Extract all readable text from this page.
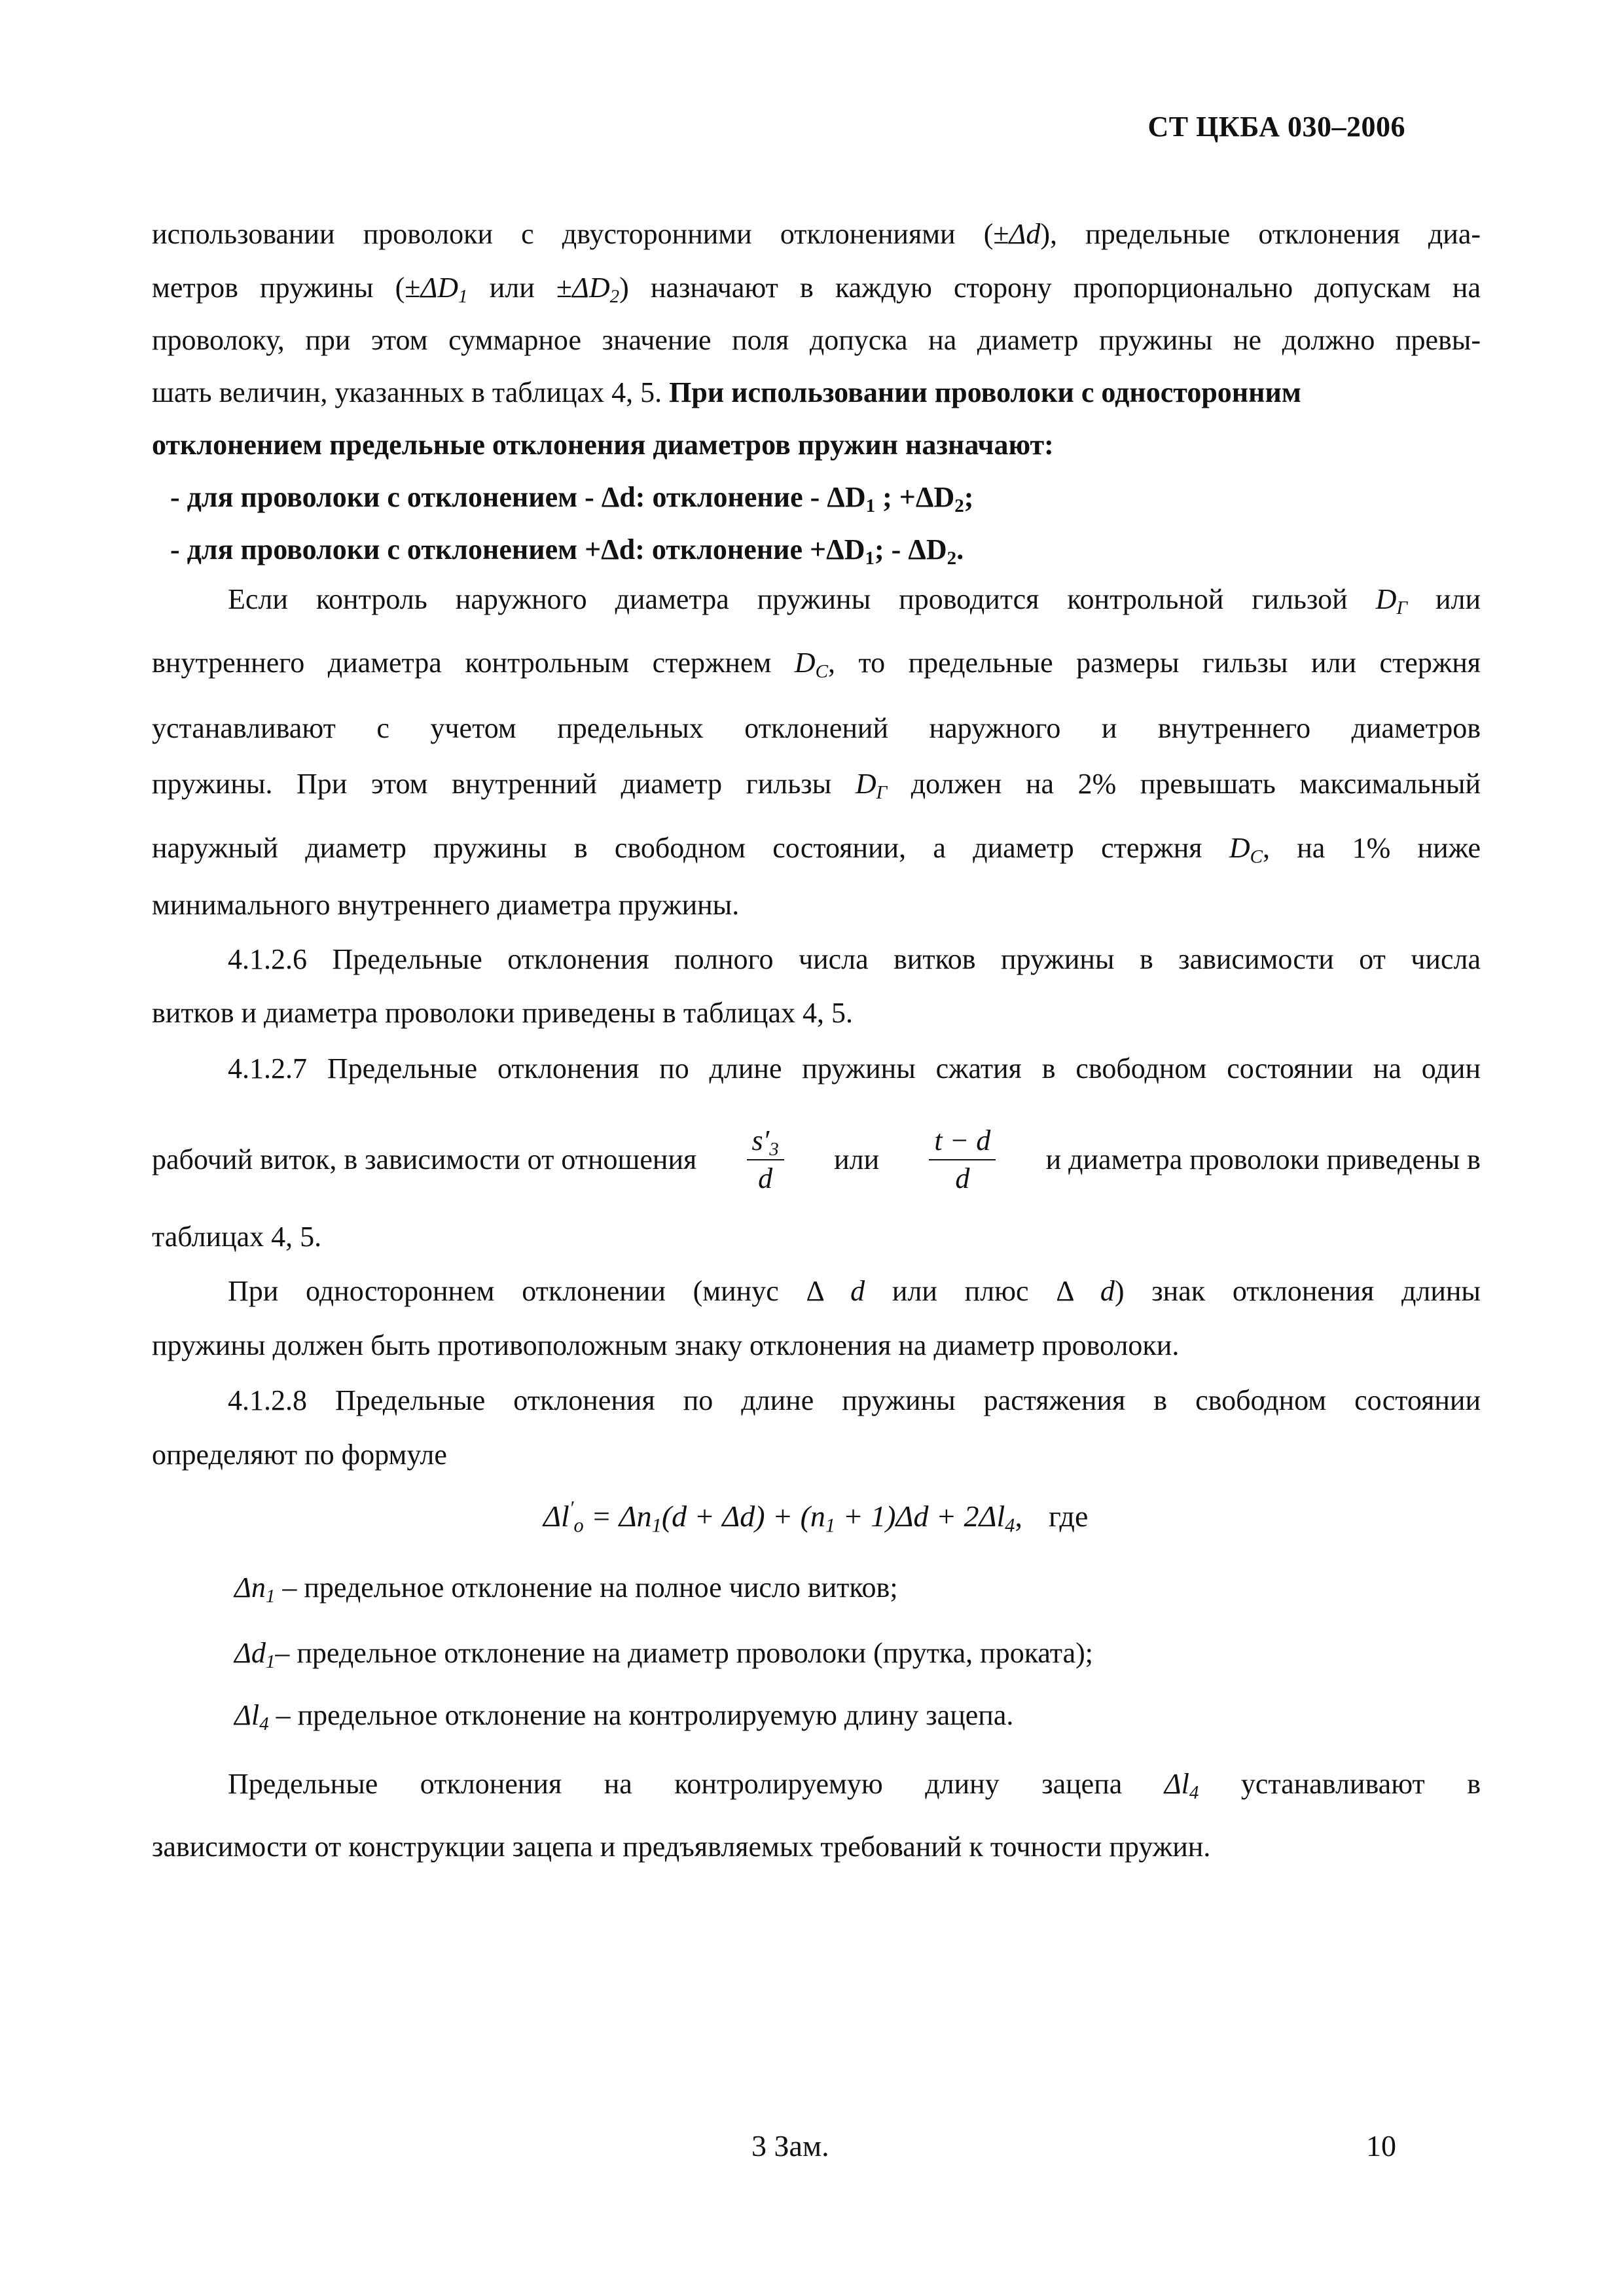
СТ ЦКБА 030–2006
использовании проволоки с двусторонними отклонениями (±Δd), предельные отклонения диа-
метров пружины ($\pm\Delta D_1$ или $\pm\Delta D_2$) назначают в каждую сторону пропорционально допускам на
проволоку, при этом суммарное значение поля допуска на диаметр пружины не должно превы-
шать величин, указанных в таблицах 4, 5. При использовании проволоки с односторонним
отклонением предельные отклонения диаметров пружин назначают:
- для проволоки с отклонением - Δd: отклонение - $\Delta D_1$ ; $+\Delta D_2$;
- для проволоки с отклонением +Δd: отклонение $+\Delta D_1$; - $\Delta D_2$.
Если контроль наружного диаметра пружины проводится контрольной гильзой $D_Г$ или
внутреннего диаметра контрольным стержнем $D_C$, то предельные размеры гильзы или стержня
устанавливают с учетом предельных отклонений наружного и внутреннего диаметров
пружины. При этом внутренний диаметр гильзы $D_Г$ должен на 2% превышать максимальный
наружный диаметр пружины в свободном состоянии, а диаметр стержня $D_C$, на 1% ниже
минимального внутреннего диаметра пружины.
4.1.2.6 Предельные отклонения полного числа витков пружины в зависимости от числа
витков и диаметра проволоки приведены в таблицах 4, 5.
4.1.2.7 Предельные отклонения по длине пружины сжатия в свободном состоянии на один
рабочий виток, в зависимости от отношения $\frac{s'_3}{d}$ или $\frac{t - d}{d}$ и диаметра проволоки приведены в
таблицах 4, 5.
При одностороннем отклонении (минус Δ d или плюс Δ d) знак отклонения длины
пружины должен быть противоположным знаку отклонения на диаметр проволоки.
4.1.2.8 Предельные отклонения по длине пружины растяжения в свободном состоянии
определяют по формуле
$\Delta l'_o = \Delta n_1(d + \Delta d) + (n_1 + 1)\Delta d + 2\Delta l_4$, где
$\Delta n_1$ – предельное отклонение на полное число витков;
$\Delta d_1-$ предельное отклонение на диаметр проволоки (прутка, проката);
$\Delta l_4$ – предельное отклонение на контролируемую длину зацепа.
Предельные отклонения на контролируемую длину зацепа $\Delta l_4$ устанавливают в
зависимости от конструкции зацепа и предъявляемых требований к точности пружин.
3 Зам.	10
